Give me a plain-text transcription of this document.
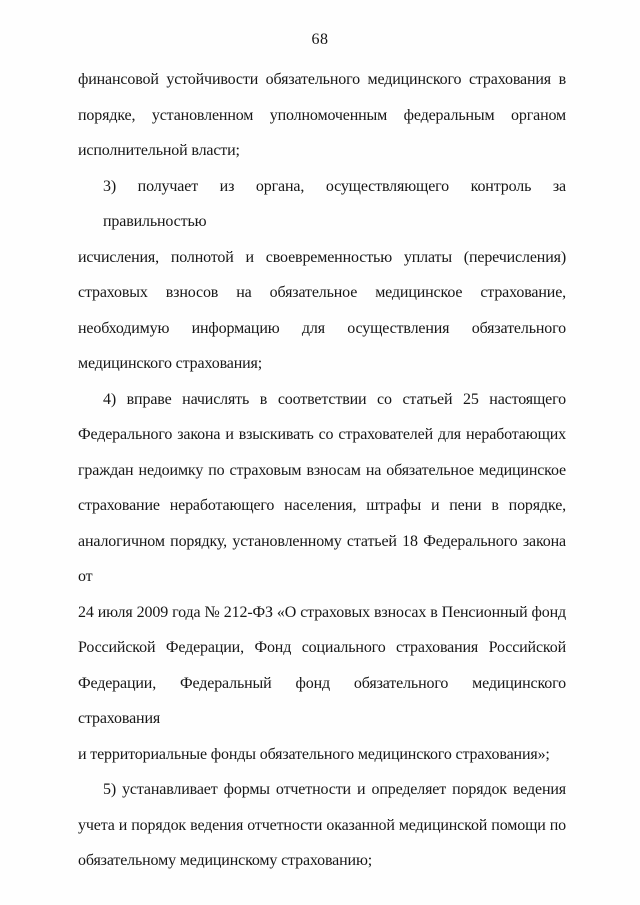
68
финансовой устойчивости обязательного медицинского страхования в
порядке, установленном уполномоченным федеральным органом
исполнительной власти;
3) получает из органа, осуществляющего контроль за правильностью
исчисления, полнотой и своевременностью уплаты (перечисления)
страховых взносов на обязательное медицинское страхование,
необходимую информацию для осуществления обязательного
медицинского страхования;
4) вправе начислять в соответствии со статьей 25 настоящего
Федерального закона и взыскивать со страхователей для неработающих
граждан недоимку по страховым взносам на обязательное медицинское
страхование неработающего населения, штрафы и пени в порядке,
аналогичном порядку, установленному статьей 18 Федерального закона от
24 июля 2009 года № 212-ФЗ «О страховых взносах в Пенсионный фонд
Российской Федерации, Фонд социального страхования Российской
Федерации, Федеральный фонд обязательного медицинского страхования
и территориальные фонды обязательного медицинского страхования»;
5) устанавливает формы отчетности и определяет порядок ведения
учета и порядок ведения отчетности оказанной медицинской помощи по
обязательному медицинскому страхованию;
